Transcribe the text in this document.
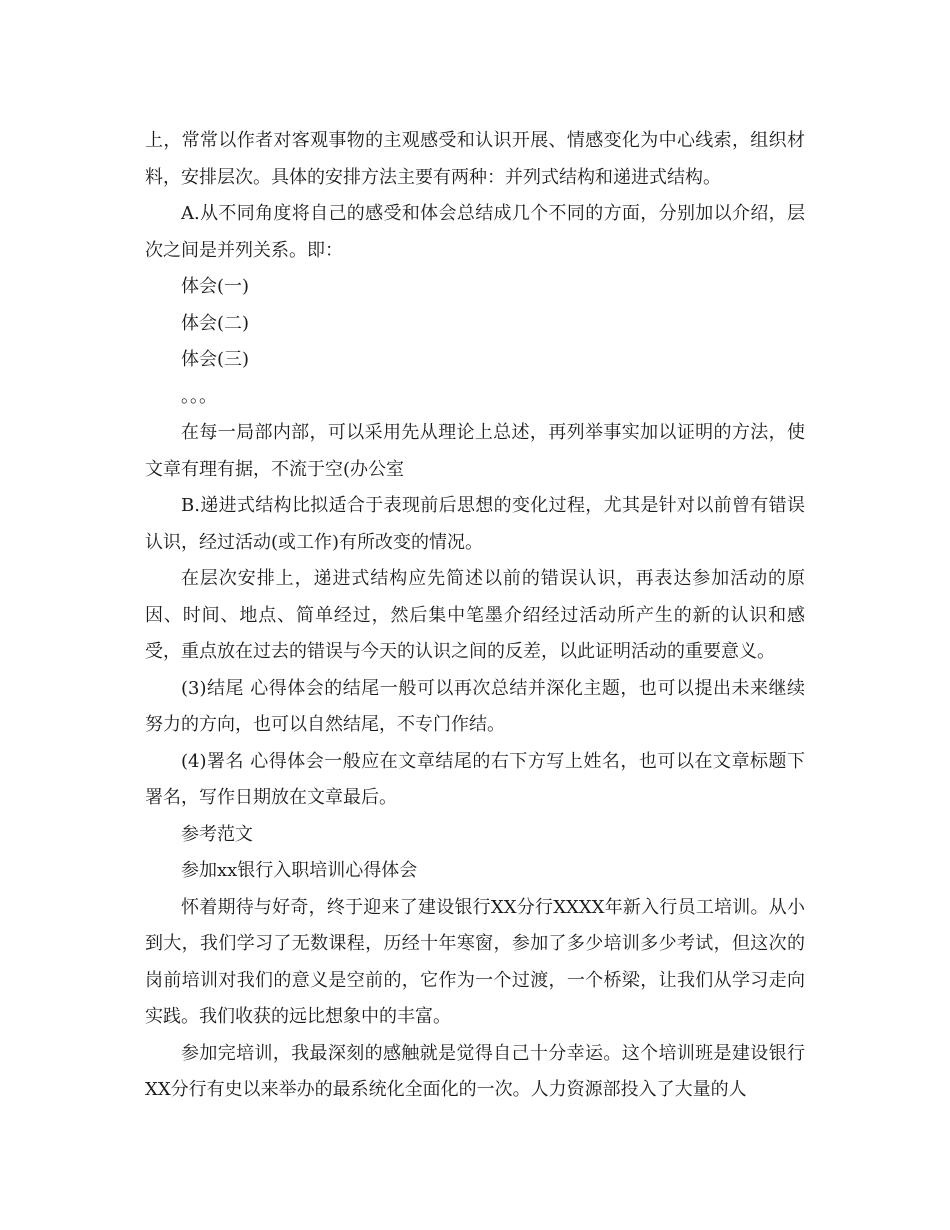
上，常常以作者对客观事物的主观感受和认识开展、情感变化为中心线索，组织材料，安排层次。具体的安排方法主要有两种：并列式结构和递进式结构。

A.从不同角度将自己的感受和体会总结成几个不同的方面，分别加以介绍，层次之间是并列关系。即：

体会(一)

体会(二)

体会(三)

。。。

在每一局部内部，可以采用先从理论上总述，再列举事实加以证明的方法，使文章有理有据，不流于空(办公室

B.递进式结构比拟适合于表现前后思想的变化过程，尤其是针对以前曾有错误认识，经过活动(或工作)有所改变的情况。

在层次安排上，递进式结构应先简述以前的错误认识，再表达参加活动的原因、时间、地点、简单经过，然后集中笔墨介绍经过活动所产生的新的认识和感受，重点放在过去的错误与今天的认识之间的反差，以此证明活动的重要意义。

(3)结尾 心得体会的结尾一般可以再次总结并深化主题，也可以提出未来继续努力的方向，也可以自然结尾，不专门作结。

(4)署名 心得体会一般应在文章结尾的右下方写上姓名，也可以在文章标题下署名，写作日期放在文章最后。

参考范文

参加xx银行入职培训心得体会

怀着期待与好奇，终于迎来了建设银行XX分行XXXX年新入行员工培训。从小到大，我们学习了无数课程，历经十年寒窗，参加了多少培训多少考试，但这次的岗前培训对我们的意义是空前的，它作为一个过渡，一个桥梁，让我们从学习走向实践。我们收获的远比想象中的丰富。

参加完培训，我最深刻的感触就是觉得自己十分幸运。这个培训班是建设银行XX分行有史以来举办的最系统化全面化的一次。人力资源部投入了大量的人
